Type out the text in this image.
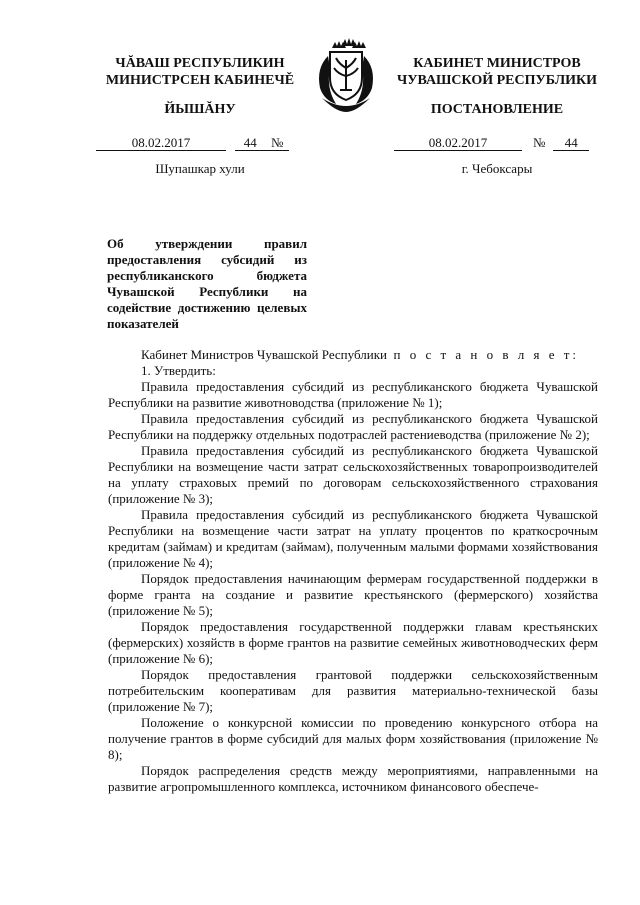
ЧĂВАШ РЕСПУБЛИКИН
МИНИСТРСЕН КАБИНЕЧĚ
ЙЫШĂНУ
КАБИНЕТ МИНИСТРОВ
ЧУВАШСКОЙ РЕСПУБЛИКИ
ПОСТАНОВЛЕНИЕ
08.02.2017	44 №	08.02.2017	№ 44
Шупашкар хули	г. Чебоксары
Об утверждении правил предоставления субсидий из республиканского бюджета Чувашской Республики на содействие достижению целевых показателей

Кабинет Министров Чувашской Республики п о с т а н о в л я е т:

1. Утвердить:

Правила предоставления субсидий из республиканского бюджета Чувашской Республики на развитие животноводства (приложение № 1);

Правила предоставления субсидий из республиканского бюджета Чувашской Республики на поддержку отдельных подотраслей растениеводства (приложение № 2);

Правила предоставления субсидий из республиканского бюджета Чувашской Республики на возмещение части затрат сельскохозяйственных товаропроизводителей на уплату страховых премий по договорам сельскохозяйственного страхования (приложение № 3);

Правила предоставления субсидий из республиканского бюджета Чувашской Республики на возмещение части затрат на уплату процентов по краткосрочным кредитам (займам) и кредитам (займам), полученным малыми формами хозяйствования (приложение № 4);

Порядок предоставления начинающим фермерам государственной поддержки в форме гранта на создание и развитие крестьянского (фермерского) хозяйства (приложение № 5);

Порядок предоставления государственной поддержки главам крестьянских (фермерских) хозяйств в форме грантов на развитие семейных животноводческих ферм (приложение № 6);

Порядок предоставления грантовой поддержки сельскохозяйственным потребительским кооперативам для развития материально-технической базы (приложение № 7);

Положение о конкурсной комиссии по проведению конкурсного отбора на получение грантов в форме субсидий для малых форм хозяйствования (приложение № 8);

Порядок распределения средств между мероприятиями, направленными на развитие агропромышленного комплекса, источником финансового обеспече-
